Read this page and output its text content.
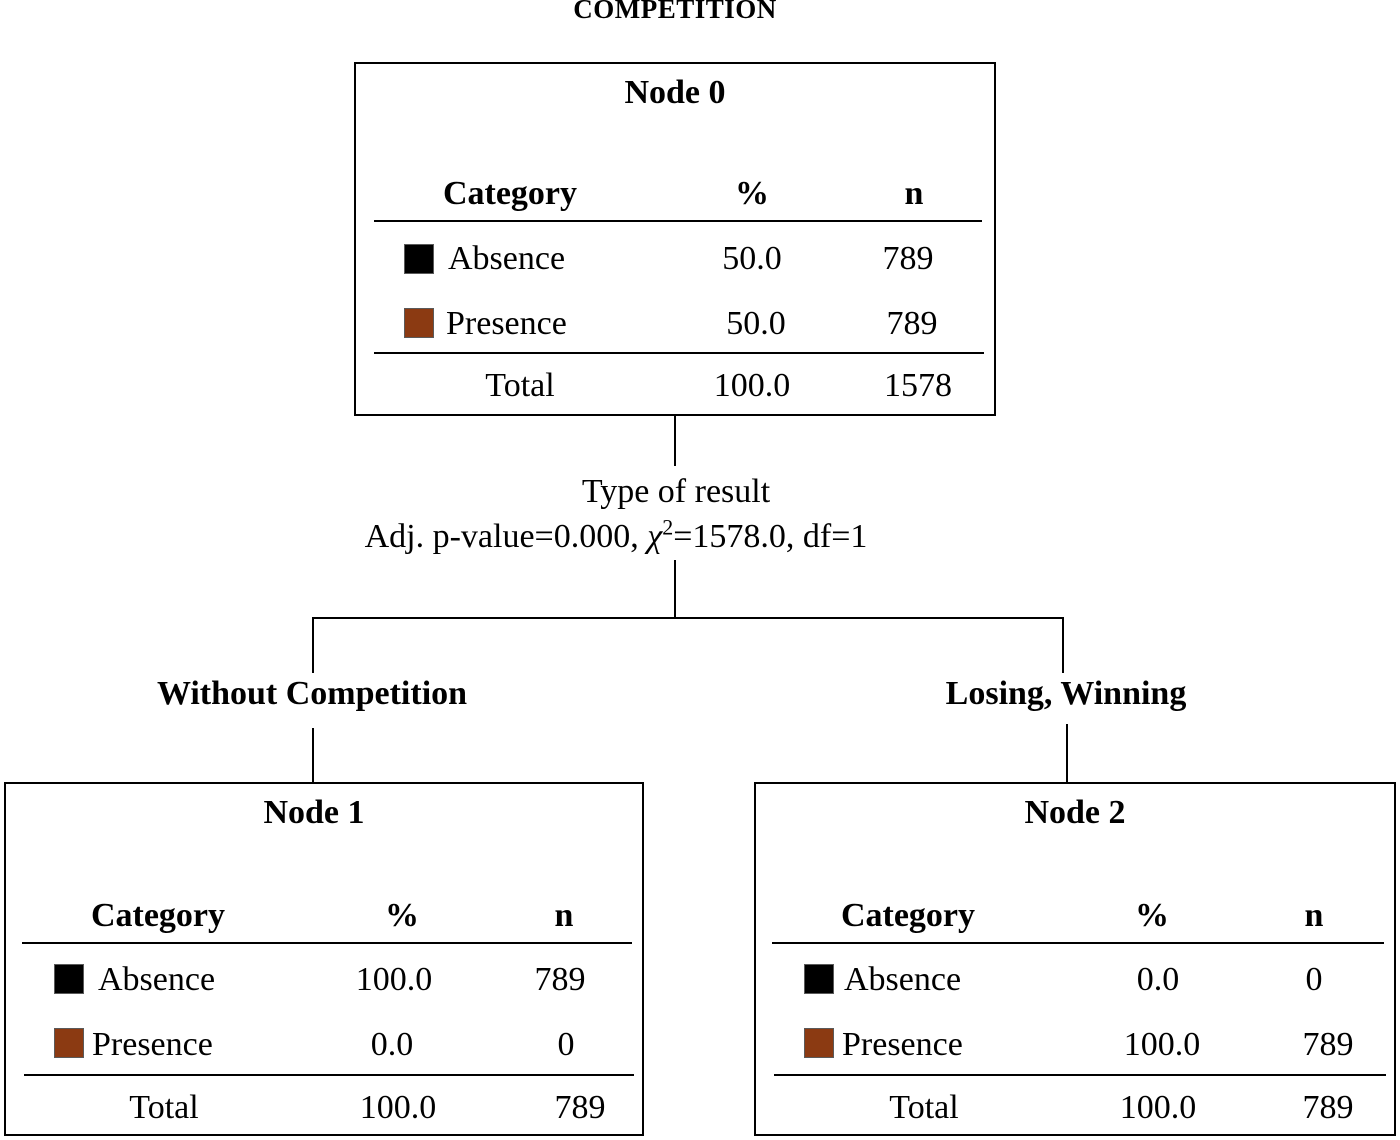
COMPETITION
Type of result
Adj. p-value=0.000, $\chi^2=1578.0$, df=1
Without Competition	Losing, Winning
Node 0
Category	%	n
Absence	50.0	789
Presence	50.0	789
Total	100.0	1578
Node 1
Category	%	n
Absence	100.0	789
Presence	0.0	0
Total	100.0	789
Node 2
Category	%	n
Absence	0.0	0
Presence	100.0	789
Total	100.0	789
